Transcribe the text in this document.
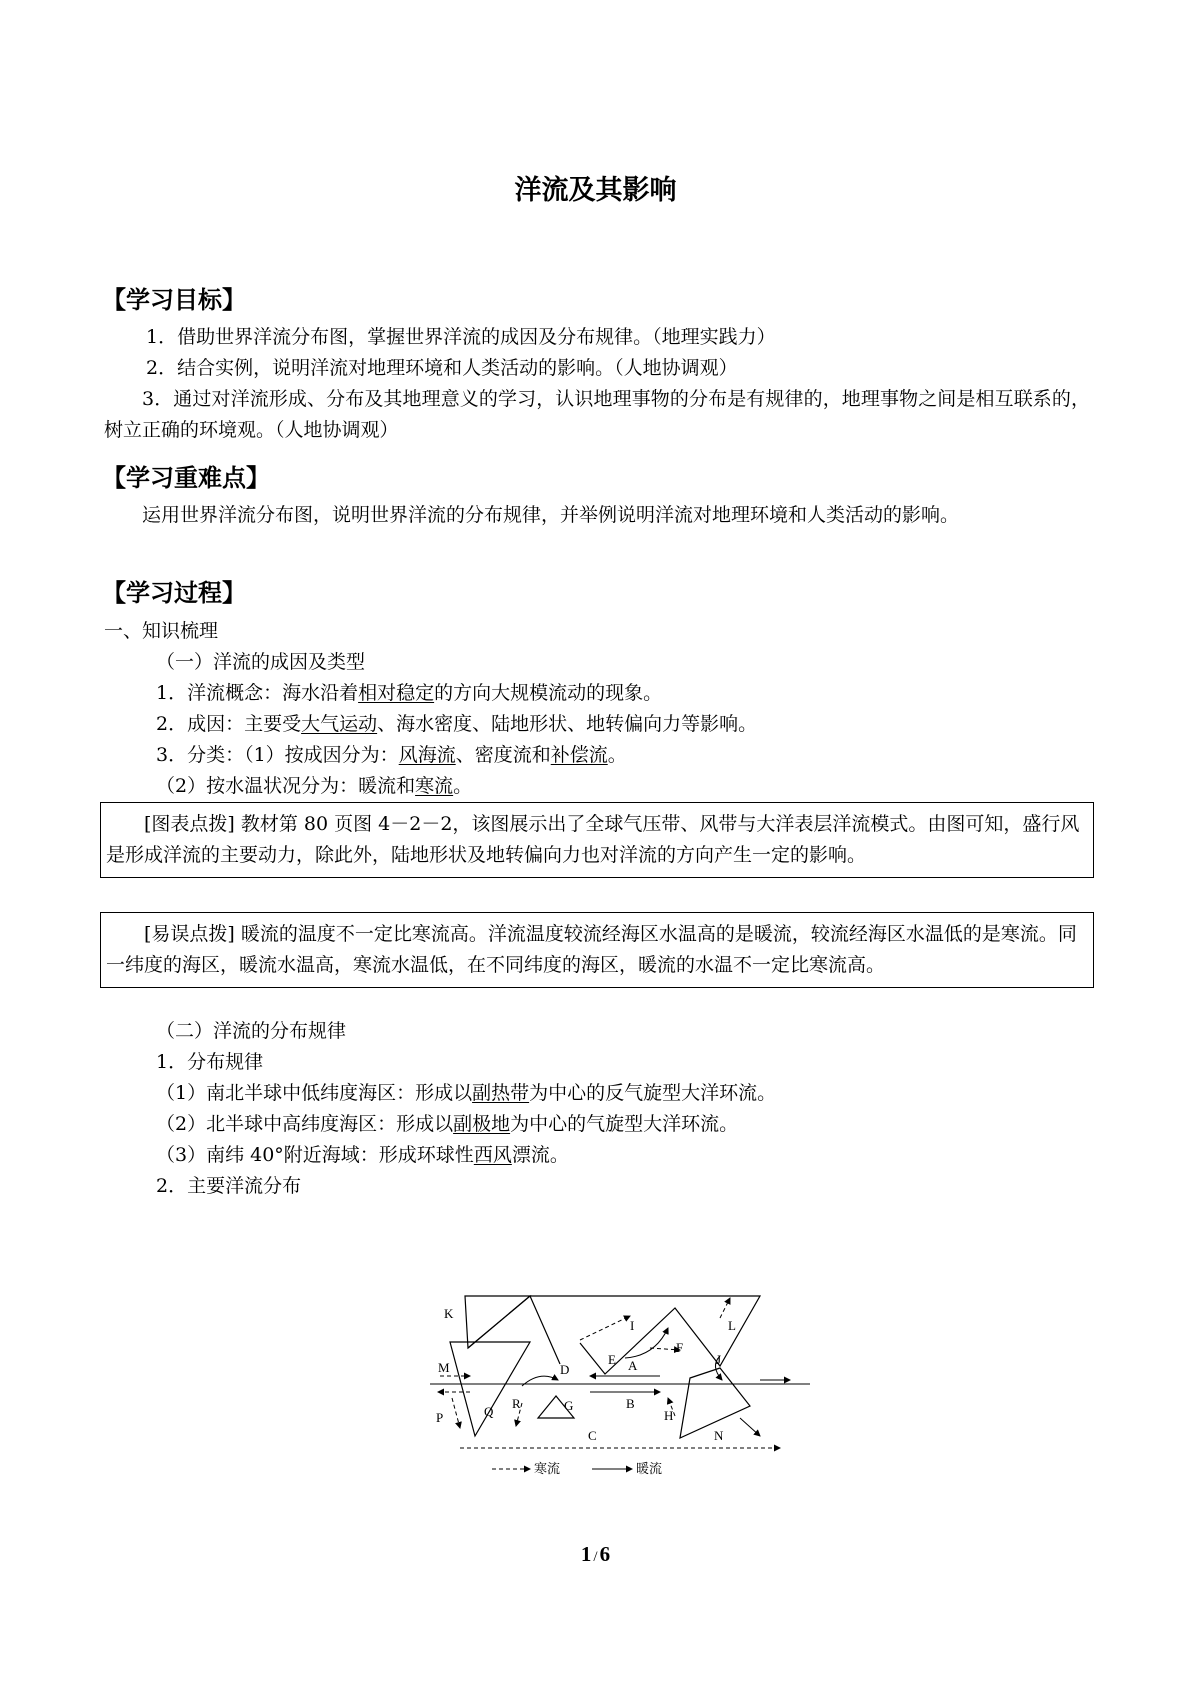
洋流及其影响
【学习目标】
1．借助世界洋流分布图，掌握世界洋流的成因及分布规律。（地理实践力）
2．结合实例，说明洋流对地理环境和人类活动的影响。（人地协调观）
3．通过对洋流形成、分布及其地理意义的学习，认识地理事物的分布是有规律的，地理事物之间是相互联系的，树立正确的环境观。（人地协调观）
【学习重难点】
运用世界洋流分布图，说明世界洋流的分布规律，并举例说明洋流对地理环境和人类活动的影响。
【学习过程】
一、知识梳理
（一）洋流的成因及类型
1．洋流概念：海水沿着相对稳定的方向大规模流动的现象。
2．成因：主要受大气运动、海水密度、陆地形状、地转偏向力等影响。
3．分类：（1）按成因分为：风海流、密度流和补偿流。
（2）按水温状况分为：暖流和寒流。
[图表点拨] 教材第 80 页图 4－2－2，该图展示出了全球气压带、风带与大洋表层洋流模式。由图可知，盛行风是形成洋流的主要动力，除此外，陆地形状及地转偏向力也对洋流的方向产生一定的影响。
[易误点拨] 暖流的温度不一定比寒流高。洋流温度较流经海区水温高的是暖流，较流经海区水温低的是寒流。同一纬度的海区，暖流水温高，寒流水温低，在不同纬度的海区，暖流的水温不一定比寒流高。
（二）洋流的分布规律
1．分布规律
（1）南北半球中低纬度海区：形成以副热带为中心的反气旋型大洋环流。
（2）北半球中高纬度海区：形成以副极地为中心的气旋型大洋环流。
（3）南纬 40°附近海域：形成环球性西风漂流。
2．主要洋流分布
K
I	L
F
J
E A
M	D
B
R	G
P	Q	H
C	N
寒流	暖流
1 /6
